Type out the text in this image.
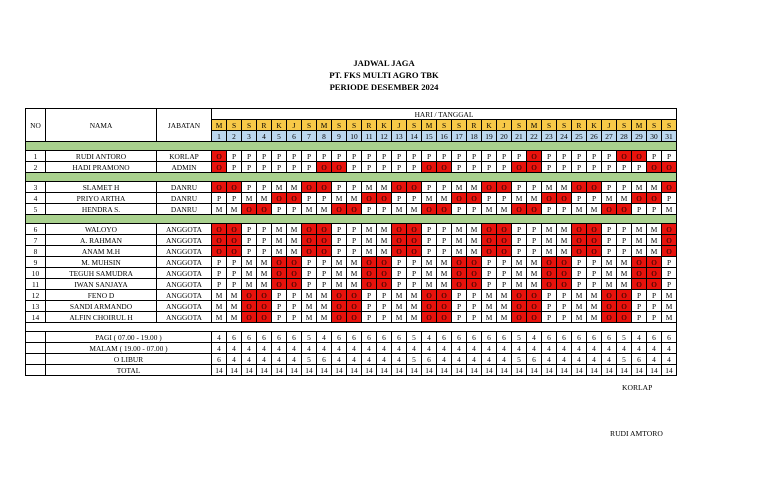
JADWAL JAGA
PT. FKS MULTI AGRO TBK
PERIODE DESEMBER 2024
NO	NAMA	JABATAN	HARI / TANGGAL																														
			M	S	S	R	K	J	S	M	S	S	R	K	J	S	M	S	S	R	K	J	S	M	S	S	R	K	J	S	M	S	S
			1	2	3	4	5	6	7	8	9	10	11	12	13	14	15	16	17	18	19	20	21	22	23	24	25	26	27	28	29	30	31

1	RUDI ANTORO	KORLAP	O	P	P	P	P	P	P	P	P	P	P	P	P	P	P	P	P	P	P	P	P	O	P	P	P	P	P	O	O	P	P
2	HADI PRAMONO	ADMIN	O	P	P	P	P	P	P	O	O	P	P	P	P	P	O	O	P	P	P	P	O	O	P	P	P	P	P	P	P	O	O

3	SLAMET H	DANRU	O	O	P	P	M	M	O	O	P	P	M	M	O	O	P	P	M	M	O	O	P	P	M	M	O	O	P	P	M	M	O
4	PRIYO ARTHA	DANRU	P	P	M	M	O	O	P	P	M	M	O	O	P	P	M	M	O	O	P	P	M	M	O	O	P	P	M	M	O	O	P
5	HENDRA S.	DANRU	M	M	O	O	P	P	M	M	O	O	P	P	M	M	O	O	P	P	M	M	O	O	P	P	M	M	O	O	P	P	M

6	WALOYO	ANGGOTA	O	O	P	P	M	M	O	O	P	P	M	M	O	O	P	P	M	M	O	O	P	P	M	M	O	O	P	P	M	M	O
7	A. RAHMAN	ANGGOTA	O	O	P	P	M	M	O	O	P	P	M	M	O	O	P	P	M	M	O	O	P	P	M	M	O	O	P	P	M	M	O
8	ANAM M.H	ANGGOTA	O	O	P	P	M	M	O	O	P	P	M	M	O	O	P	P	M	M	O	O	P	P	M	M	O	O	P	P	M	M	O
9	M. MUHSIN	ANGGOTA	P	P	M	M	O	O	P	P	M	M	O	O	P	P	M	M	O	O	P	P	M	M	O	O	P	P	M	M	O	O	P
10	TEGUH SAMUDRA	ANGGOTA	P	P	M	M	O	O	P	P	M	M	O	O	P	P	M	M	O	O	P	P	M	M	O	O	P	P	M	M	O	O	P
11	IWAN SANJAYA	ANGGOTA	P	P	M	M	O	O	P	P	M	M	O	O	P	P	M	M	O	O	P	P	M	M	O	O	P	P	M	M	O	O	P
12	FENO D	ANGGOTA	M	M	O	O	P	P	M	M	O	O	P	P	M	M	O	O	P	P	M	M	O	O	P	P	M	M	O	O	P	P	M
13	SANDI ARMANDO	ANGGOTA	M	M	O	O	P	P	M	M	O	O	P	P	M	M	O	O	P	P	M	M	O	O	P	P	M	M	O	O	P	P	M
14	ALFIN CHOIRUL H	ANGGOTA	M	M	O	O	P	P	M	M	O	O	P	P	M	M	O	O	P	P	M	M	O	O	P	P	M	M	O	O	P	P	M

	PAGI ( 07.00 - 19.00 )		4	6	6	6	6	6	5	4	6	6	6	6	6	5	4	6	6	6	6	6	5	4	6	6	6	6	6	5	4	6	6
	MALAM ( 19.00 - 07.00 )		4	4	4	4	4	4	4	4	4	4	4	4	4	4	4	4	4	4	4	4	4	4	4	4	4	4	4	4	4	4	4
	O LIBUR		6	4	4	4	4	4	5	6	4	4	4	4	4	5	6	4	4	4	4	4	5	6	4	4	4	4	4	5	6	4	4
	TOTAL		14	14	14	14	14	14	14	14	14	14	14	14	14	14	14	14	14	14	14	14	14	14	14	14	14	14	14	14	14	14	14
KORLAP
RUDI AMTORO
